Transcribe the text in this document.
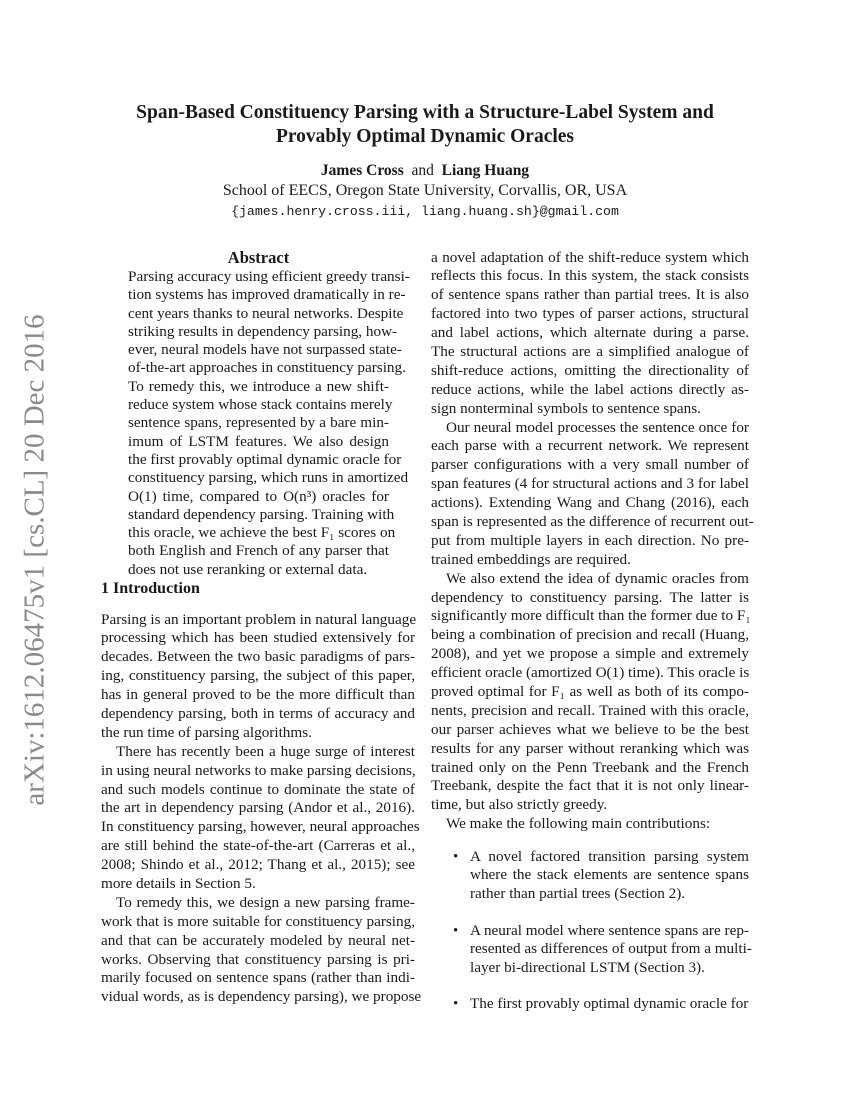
arXiv:1612.06475v1 [cs.CL] 20 Dec 2016
Span-Based Constituency Parsing with a Structure-Label System and
Provably Optimal Dynamic Oracles
James Cross and Liang Huang
School of EECS, Oregon State University, Corvallis, OR, USA
{james.henry.cross.iii, liang.huang.sh}@gmail.com
Abstract
Parsing accuracy using efficient greedy transi-
tion systems has improved dramatically in re-
cent years thanks to neural networks. Despite
striking results in dependency parsing, how-
ever, neural models have not surpassed state-
of-the-art approaches in constituency parsing.
To remedy this, we introduce a new shift-
reduce system whose stack contains merely
sentence spans, represented by a bare min-
imum of LSTM features. We also design
the first provably optimal dynamic oracle for
constituency parsing, which runs in amortized
O(1) time, compared to O(n³) oracles for
standard dependency parsing. Training with
this oracle, we achieve the best F₁ scores on
both English and French of any parser that
does not use reranking or external data.
1 Introduction
Parsing is an important problem in natural language
processing which has been studied extensively for
decades. Between the two basic paradigms of pars-
ing, constituency parsing, the subject of this paper,
has in general proved to be the more difficult than
dependency parsing, both in terms of accuracy and
the run time of parsing algorithms.
There has recently been a huge surge of interest
in using neural networks to make parsing decisions,
and such models continue to dominate the state of
the art in dependency parsing (Andor et al., 2016).
In constituency parsing, however, neural approaches
are still behind the state-of-the-art (Carreras et al.,
2008; Shindo et al., 2012; Thang et al., 2015); see
more details in Section 5.
To remedy this, we design a new parsing frame-
work that is more suitable for constituency parsing,
and that can be accurately modeled by neural net-
works. Observing that constituency parsing is pri-
marily focused on sentence spans (rather than indi-
vidual words, as is dependency parsing), we propose
a novel adaptation of the shift-reduce system which
reflects this focus. In this system, the stack consists
of sentence spans rather than partial trees. It is also
factored into two types of parser actions, structural
and label actions, which alternate during a parse.
The structural actions are a simplified analogue of
shift-reduce actions, omitting the directionality of
reduce actions, while the label actions directly as-
sign nonterminal symbols to sentence spans.
Our neural model processes the sentence once for
each parse with a recurrent network. We represent
parser configurations with a very small number of
span features (4 for structural actions and 3 for label
actions). Extending Wang and Chang (2016), each
span is represented as the difference of recurrent out-
put from multiple layers in each direction. No pre-
trained embeddings are required.
We also extend the idea of dynamic oracles from
dependency to constituency parsing. The latter is
significantly more difficult than the former due to F₁
being a combination of precision and recall (Huang,
2008), and yet we propose a simple and extremely
efficient oracle (amortized O(1) time). This oracle is
proved optimal for F₁ as well as both of its compo-
nents, precision and recall. Trained with this oracle,
our parser achieves what we believe to be the best
results for any parser without reranking which was
trained only on the Penn Treebank and the French
Treebank, despite the fact that it is not only linear-
time, but also strictly greedy.
We make the following main contributions:
• A novel factored transition parsing system
where the stack elements are sentence spans
rather than partial trees (Section 2).
• A neural model where sentence spans are rep-
resented as differences of output from a multi-
layer bi-directional LSTM (Section 3).
• The first provably optimal dynamic oracle for
